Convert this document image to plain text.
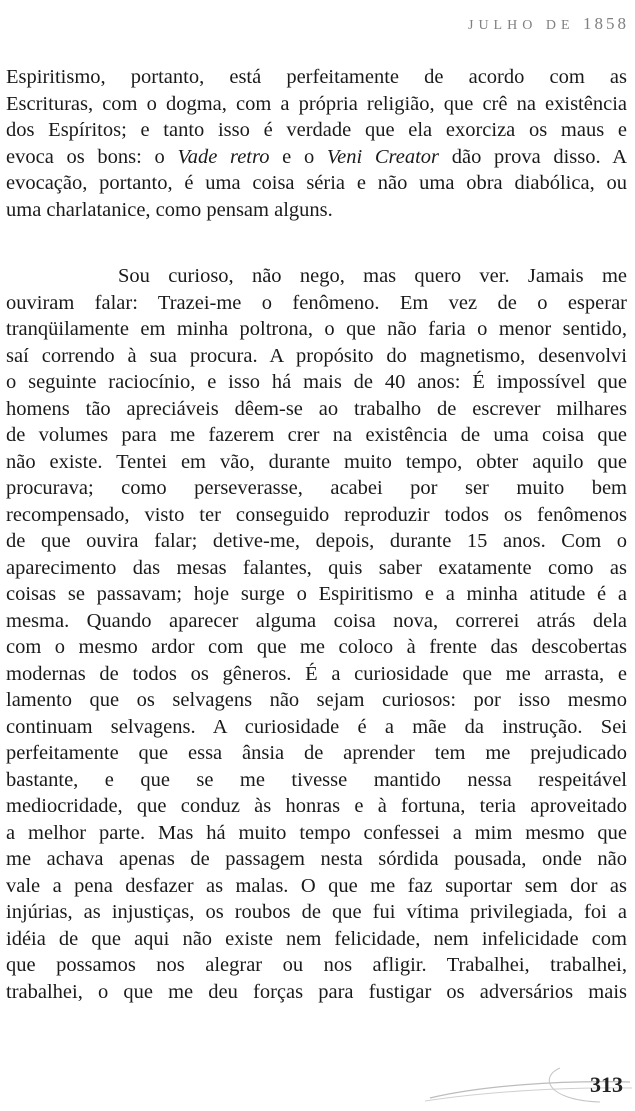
JULHO DE 1858
Espiritismo, portanto, está perfeitamente de acordo com as
Escrituras, com o dogma, com a própria religião, que crê na existência
dos Espíritos; e tanto isso é verdade que ela exorciza os maus e
evoca os bons: o Vade retro e o Veni Creator dão prova disso. A
evocação, portanto, é uma coisa séria e não uma obra diabólica, ou
uma charlatanice, como pensam alguns.
Sou curioso, não nego, mas quero ver. Jamais me
ouviram falar: Trazei-me o fenômeno. Em vez de o esperar
tranqüilamente em minha poltrona, o que não faria o menor sentido,
saí correndo à sua procura. A propósito do magnetismo, desenvolvi
o seguinte raciocínio, e isso há mais de 40 anos: É impossível que
homens tão apreciáveis dêem-se ao trabalho de escrever milhares
de volumes para me fazerem crer na existência de uma coisa que
não existe. Tentei em vão, durante muito tempo, obter aquilo que
procurava; como perseverasse, acabei por ser muito bem
recompensado, visto ter conseguido reproduzir todos os fenômenos
de que ouvira falar; detive-me, depois, durante 15 anos. Com o
aparecimento das mesas falantes, quis saber exatamente como as
coisas se passavam; hoje surge o Espiritismo e a minha atitude é a
mesma. Quando aparecer alguma coisa nova, correrei atrás dela
com o mesmo ardor com que me coloco à frente das descobertas
modernas de todos os gêneros. É a curiosidade que me arrasta, e
lamento que os selvagens não sejam curiosos: por isso mesmo
continuam selvagens. A curiosidade é a mãe da instrução. Sei
perfeitamente que essa ânsia de aprender tem me prejudicado
bastante, e que se me tivesse mantido nessa respeitável
mediocridade, que conduz às honras e à fortuna, teria aproveitado
a melhor parte. Mas há muito tempo confessei a mim mesmo que
me achava apenas de passagem nesta sórdida pousada, onde não
vale a pena desfazer as malas. O que me faz suportar sem dor as
injúrias, as injustiças, os roubos de que fui vítima privilegiada, foi a
idéia de que aqui não existe nem felicidade, nem infelicidade com
que possamos nos alegrar ou nos afligir. Trabalhei, trabalhei,
trabalhei, o que me deu forças para fustigar os adversários mais
313
